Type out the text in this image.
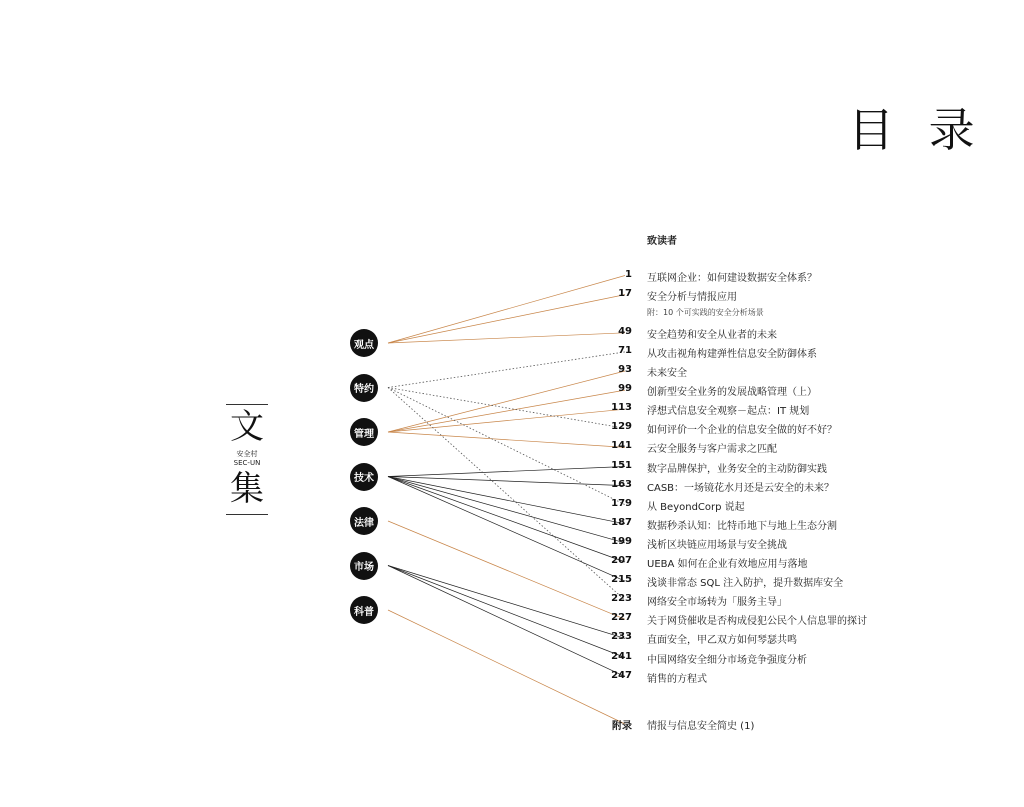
目 录
文
安全村
SEC-UN
集
观点
特约
管理
技术
法律
市场
科普
致读者
1 互联网企业：如何建设数据安全体系？
17 安全分析与情报应用
附：10 个可实践的安全分析场景
49 安全趋势和安全从业者的未来
71 从攻击视角构建弹性信息安全防御体系
93 未来安全
99 创新型安全业务的发展战略管理（上）
113 浮想式信息安全观察－起点：IT 规划
129 如何评价一个企业的信息安全做的好不好？
141 云安全服务与客户需求之匹配
151 数字品牌保护，业务安全的主动防御实践
163 CASB：一场镜花水月还是云安全的未来？
179 从 BeyondCorp 说起
187 数据秒杀认知：比特币地下与地上生态分割
199 浅析区块链应用场景与安全挑战
207 UEBA 如何在企业有效地应用与落地
215 浅谈非常态 SQL 注入防护，提升数据库安全
223 网络安全市场转为「服务主导」
227 关于网贷催收是否构成侵犯公民个人信息罪的探讨
233 直面安全，甲乙双方如何琴瑟共鸣
241 中国网络安全细分市场竞争强度分析
247 销售的方程式
附录 情报与信息安全简史 (1)
